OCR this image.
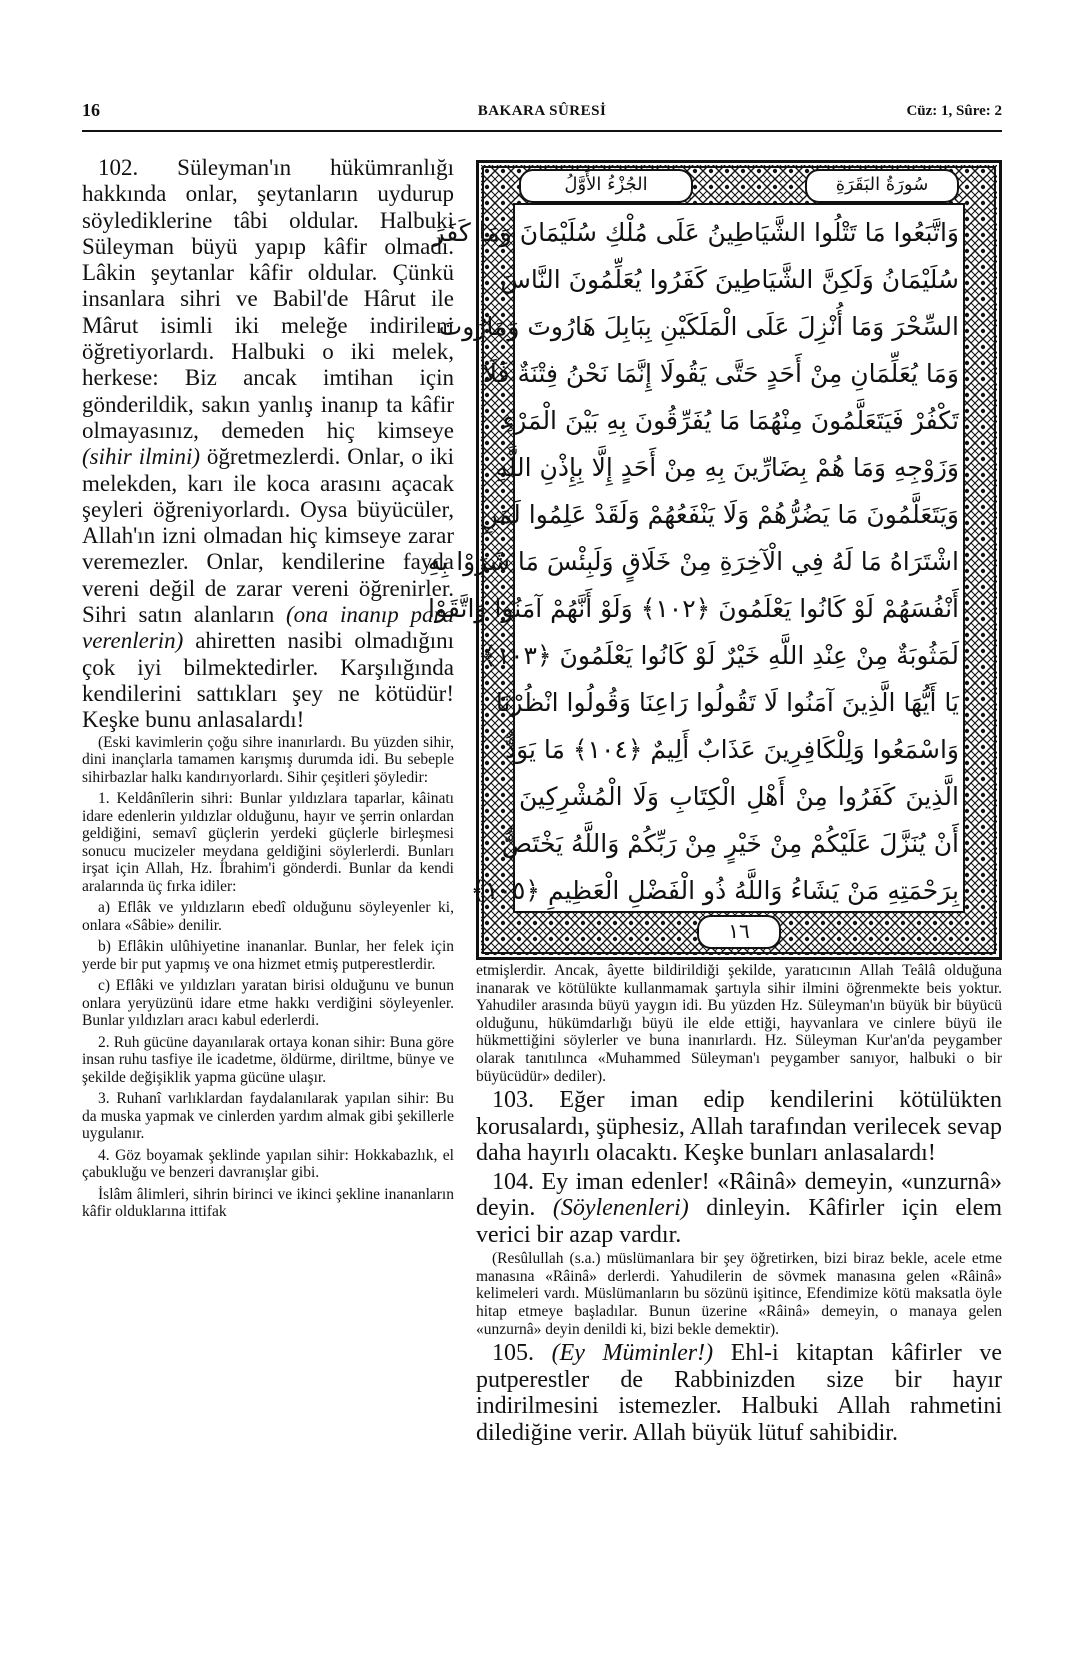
16	BAKARA SÛRESİ	Cüz: 1, Sûre: 2

102. Süleyman'ın hükümranlığı hakkında onlar, şeytanların uydurup söylediklerine tâbi oldular. Halbuki Süleyman büyü yapıp kâfir olmadı. Lâkin şeytanlar kâfir oldular. Çünkü insanlara sihri ve Babil'de Hârut ile Mârut isimli iki meleğe indirileni öğretiyorlardı. Halbuki o iki melek, herkese: Biz ancak imtihan için gönderildik, sakın yanlış inanıp ta kâfir olmayasınız, demeden hiç kimseye (sihir ilmini) öğretmezlerdi. Onlar, o iki melekden, karı ile koca arasını açacak şeyleri öğreniyorlardı. Oysa büyücüler, Allah'ın izni olmadan hiç kimseye zarar veremezler. Onlar, kendilerine fayda vereni değil de zarar vereni öğrenirler. Sihri satın alanların (ona inanıp para verenlerin) ahiretten nasibi olmadığını çok iyi bilmektedirler. Karşılığında kendilerini sattıkları şey ne kötüdür! Keşke bunu anlasalardı!

(Eski kavimlerin çoğu sihre inanırlardı. Bu yüzden sihir, dini inançlarla tamamen karışmış durumda idi. Bu sebeple sihirbazlar halkı kandırıyorlardı. Sihir çeşitleri şöyledir:

1. Keldânîlerin sihri: Bunlar yıldızlara taparlar, kâinatı idare edenlerin yıldızlar olduğunu, hayır ve şerrin onlardan geldiğini, semavî güçlerin yerdeki güçlerle birleşmesi sonucu mucizeler meydana geldiğini söylerlerdi. Bunları irşat için Allah, Hz. İbrahim'i gönderdi. Bunlar da kendi aralarında üç fırka idiler:

a) Eflâk ve yıldızların ebedî olduğunu söyleyenler ki, onlara «Sâbie» denilir.

b) Eflâkin ulûhiyetine inananlar. Bunlar, her felek için yerde bir put yapmış ve ona hizmet etmiş putperestlerdir.

c) Eflâki ve yıldızları yaratan birisi olduğunu ve bunun onlara yeryüzünü idare etme hakkı verdiğini söyleyenler. Bunlar yıldızları aracı kabul ederlerdi.

2. Ruh gücüne dayanılarak ortaya konan sihir: Buna göre insan ruhu tasfiye ile icadetme, öldürme, diriltme, bünye ve şekilde değişiklik yapma gücüne ulaşır.

3. Ruhanî varlıklardan faydalanılarak yapılan sihir: Bu da muska yapmak ve cinlerden yardım almak gibi şekillerle uygulanır.

4. Göz boyamak şeklinde yapılan sihir: Hokkabazlık, el çabukluğu ve benzeri davranışlar gibi.

İslâm âlimleri, sihrin birinci ve ikinci şekline inananların kâfir olduklarına ittifak

الجُزْءُ الأَوَّلُ	سُورَةُ البَقَرَةِ
وَاتَّبَعُوا مَا تَتْلُوا الشَّيَاطِينُ عَلَى مُلْكِ سُلَيْمَانَ وَمَا كَفَرَ
سُلَيْمَانُ وَلَكِنَّ الشَّيَاطِينَ كَفَرُوا يُعَلِّمُونَ النَّاسَ
السِّحْرَ وَمَا أُنْزِلَ عَلَى الْمَلَكَيْنِ بِبَابِلَ هَارُوتَ وَمَارُوتَ
وَمَا يُعَلِّمَانِ مِنْ أَحَدٍ حَتَّى يَقُولَا إِنَّمَا نَحْنُ فِتْنَةٌ فَلَا
تَكْفُرْ فَيَتَعَلَّمُونَ مِنْهُمَا مَا يُفَرِّقُونَ بِهِ بَيْنَ الْمَرْءِ
وَزَوْجِهِ وَمَا هُمْ بِضَارِّينَ بِهِ مِنْ أَحَدٍ إِلَّا بِإِذْنِ اللَّهِ
وَيَتَعَلَّمُونَ مَا يَضُرُّهُمْ وَلَا يَنْفَعُهُمْ وَلَقَدْ عَلِمُوا لَمَنِ
اشْتَرَاهُ مَا لَهُ فِي الْآخِرَةِ مِنْ خَلَاقٍ وَلَبِئْسَ مَا شَرَوْا بِهِ
أَنْفُسَهُمْ لَوْ كَانُوا يَعْلَمُونَ ﴿١٠٢﴾ وَلَوْ أَنَّهُمْ آمَنُوا وَاتَّقَوْا
لَمَثُوبَةٌ مِنْ عِنْدِ اللَّهِ خَيْرٌ لَوْ كَانُوا يَعْلَمُونَ ﴿١٠٣﴾
يَا أَيُّهَا الَّذِينَ آمَنُوا لَا تَقُولُوا رَاعِنَا وَقُولُوا انْظُرْنَا
وَاسْمَعُوا وَلِلْكَافِرِينَ عَذَابٌ أَلِيمٌ ﴿١٠٤﴾ مَا يَوَدُّ
الَّذِينَ كَفَرُوا مِنْ أَهْلِ الْكِتَابِ وَلَا الْمُشْرِكِينَ
أَنْ يُنَزَّلَ عَلَيْكُمْ مِنْ خَيْرٍ مِنْ رَبِّكُمْ وَاللَّهُ يَخْتَصُّ
بِرَحْمَتِهِ مَنْ يَشَاءُ وَاللَّهُ ذُو الْفَضْلِ الْعَظِيمِ ﴿١٠٥﴾
١٦

etmişlerdir. Ancak, âyette bildirildiği şekilde, yaratıcının Allah Teâlâ olduğuna inanarak ve kötülükte kullanmamak şartıyla sihir ilmini öğrenmekte beis yoktur. Yahudiler arasında büyü yaygın idi. Bu yüzden Hz. Süleyman'ın büyük bir büyücü olduğunu, hükümdarlığı büyü ile elde ettiği, hayvanlara ve cinlere büyü ile hükmettiğini söylerler ve buna inanırlardı. Hz. Süleyman Kur'an'da peygamber olarak tanıtılınca «Muhammed Süleyman'ı peygamber sanıyor, halbuki o bir büyücüdür» dediler).

103. Eğer iman edip kendilerini kötülükten korusalardı, şüphesiz, Allah tarafından verilecek sevap daha hayırlı olacaktı. Keşke bunları anlasalardı!

104. Ey iman edenler! «Râinâ» demeyin, «unzurnâ» deyin. (Söylenenleri) dinleyin. Kâfirler için elem verici bir azap vardır.

(Resûlullah (s.a.) müslümanlara bir şey öğretirken, bizi biraz bekle, acele etme manasına «Râinâ» derlerdi. Yahudilerin de sövmek manasına gelen «Râinâ» kelimeleri vardı. Müslümanların bu sözünü işitince, Efendimize kötü maksatla öyle hitap etmeye başladılar. Bunun üzerine «Râinâ» demeyin, o manaya gelen «unzurnâ» deyin denildi ki, bizi bekle demektir).

105. (Ey Müminler!) Ehl-i kitaptan kâfirler ve putperestler de Rabbinizden size bir hayır indirilmesini istemezler. Halbuki Allah rahmetini dilediğine verir. Allah büyük lütuf sahibidir.
